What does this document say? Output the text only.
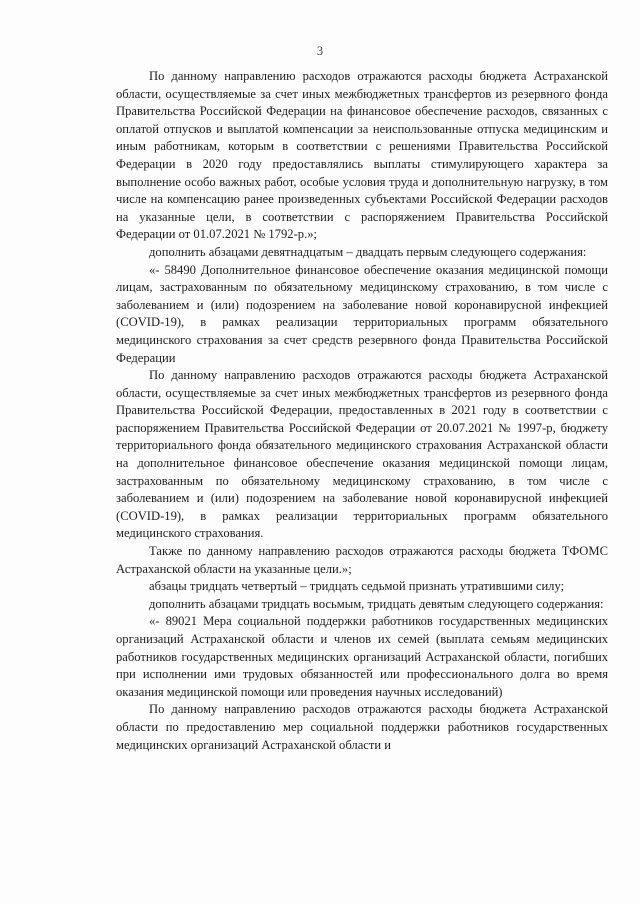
3

По данному направлению расходов отражаются расходы бюджета Астраханской области, осуществляемые за счет иных межбюджетных трансфертов из резервного фонда Правительства Российской Федерации на финансовое обеспечение расходов, связанных с оплатой отпусков и выплатой компенсации за неиспользованные отпуска медицинским и иным работникам, которым в соответствии с решениями Правительства Российской Федерации в 2020 году предоставлялись выплаты стимулирующего характера за выполнение особо важных работ, особые условия труда и дополнительную нагрузку, в том числе на компенсацию ранее произведенных субъектами Российской Федерации расходов на указанные цели, в соответствии с распоряжением Правительства Российской Федерации от 01.07.2021 № 1792-р.»;

дополнить абзацами девятнадцатым – двадцать первым следующего содержания:

«- 58490 Дополнительное финансовое обеспечение оказания медицинской помощи лицам, застрахованным по обязательному медицинскому страхованию, в том числе с заболеванием и (или) подозрением на заболевание новой коронавирусной инфекцией (COVID-19), в рамках реализации территориальных программ обязательного медицинского страхования за счет средств резервного фонда Правительства Российской Федерации

По данному направлению расходов отражаются расходы бюджета Астраханской области, осуществляемые за счет иных межбюджетных трансфертов из резервного фонда Правительства Российской Федерации, предоставленных в 2021 году в соответствии с распоряжением Правительства Российской Федерации от 20.07.2021 № 1997-р, бюджету территориального фонда обязательного медицинского страхования Астраханской области на дополнительное финансовое обеспечение оказания медицинской помощи лицам, застрахованным по обязательному медицинскому страхованию, в том числе с заболеванием и (или) подозрением на заболевание новой коронавирусной инфекцией (COVID-19), в рамках реализации территориальных программ обязательного медицинского страхования.

Также по данному направлению расходов отражаются расходы бюджета ТФОМС Астраханской области на указанные цели.»;

абзацы тридцать четвертый – тридцать седьмой признать утратившими силу;

дополнить абзацами тридцать восьмым, тридцать девятым следующего содержания:

«- 89021 Мера социальной поддержки работников государственных медицинских организаций Астраханской области и членов их семей (выплата семьям медицинских работников государственных медицинских организаций Астраханской области, погибших при исполнении ими трудовых обязанностей или профессионального долга во время оказания медицинской помощи или проведения научных исследований)

По данному направлению расходов отражаются расходы бюджета Астраханской области по предоставлению мер социальной поддержки работников государственных медицинских организаций Астраханской области и
